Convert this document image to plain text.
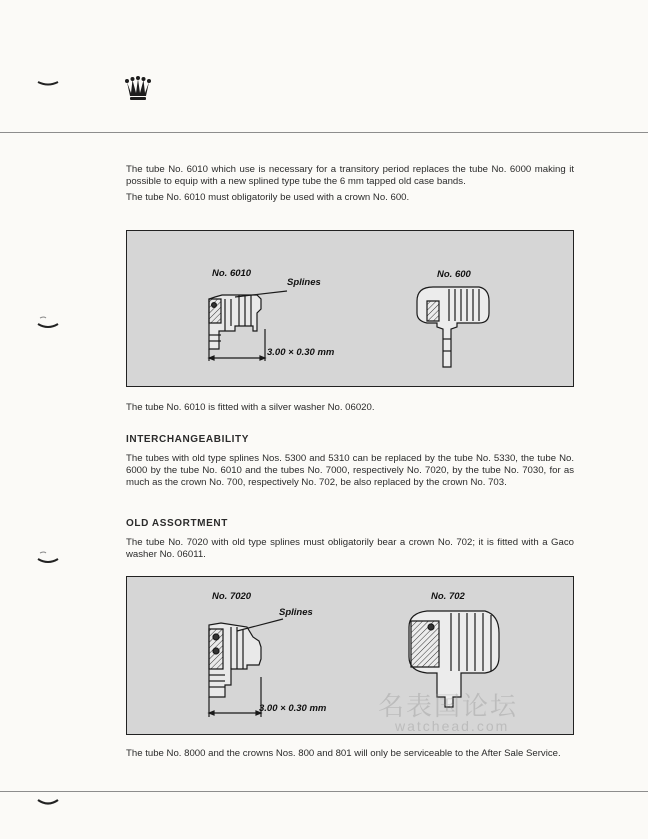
The tube No. 6010 which use is necessary for a transitory period replaces the tube No. 6000 making it possible to equip with a new splined type tube the 6 mm tapped old case bands.
The tube No. 6010 must obligatorily be used with a crown No. 600.
No. 6010
Splines
3.00 × 0.30 mm
No. 600
The tube No. 6010 is fitted with a silver washer No. 06020.
INTERCHANGEABILITY
The tubes with old type splines Nos. 5300 and 5310 can be replaced by the tube No. 5330, the tube No. 6000 by the tube No. 6010 and the tubes No. 7000, respectively No. 7020, by the tube No. 7030, for as much as the crown No. 700, respectively No. 702, be also replaced by the crown No. 703.
OLD ASSORTMENT
The tube No. 7020 with old type splines must obligatorily bear a crown No. 702; it is fitted with a Gaco washer No. 06011.
No. 7020
Splines
3.00 × 0.30 mm
No. 702
名表国论坛
watchead.com
The tube No. 8000 and the crowns Nos. 800 and 801 will only be serviceable to the After Sale Service.
